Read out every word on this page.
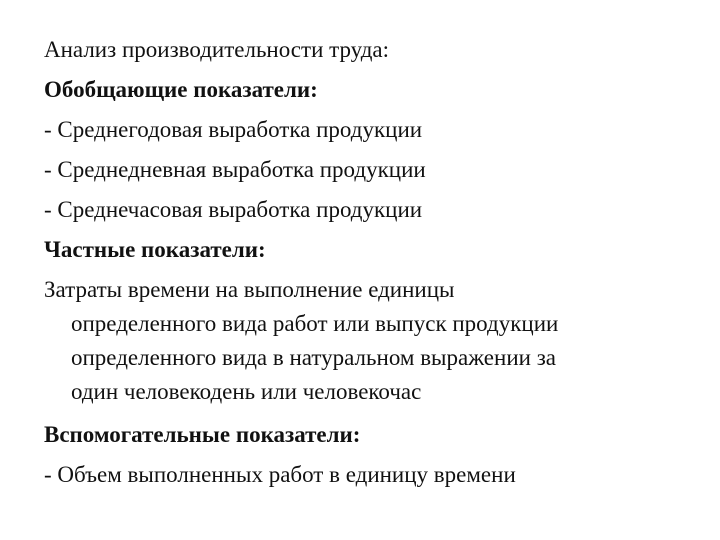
Анализ производительности труда:
Обобщающие показатели:
- Среднегодовая выработка продукции
- Среднедневная выработка продукции
- Среднечасовая выработка продукции
Частные показатели:
Затраты времени на выполнение единицы
определенного вида работ или выпуск продукции
определенного вида в натуральном выражении за
один человекодень или человекочас
Вспомогательные показатели:
- Объем выполненных работ в единицу времени
